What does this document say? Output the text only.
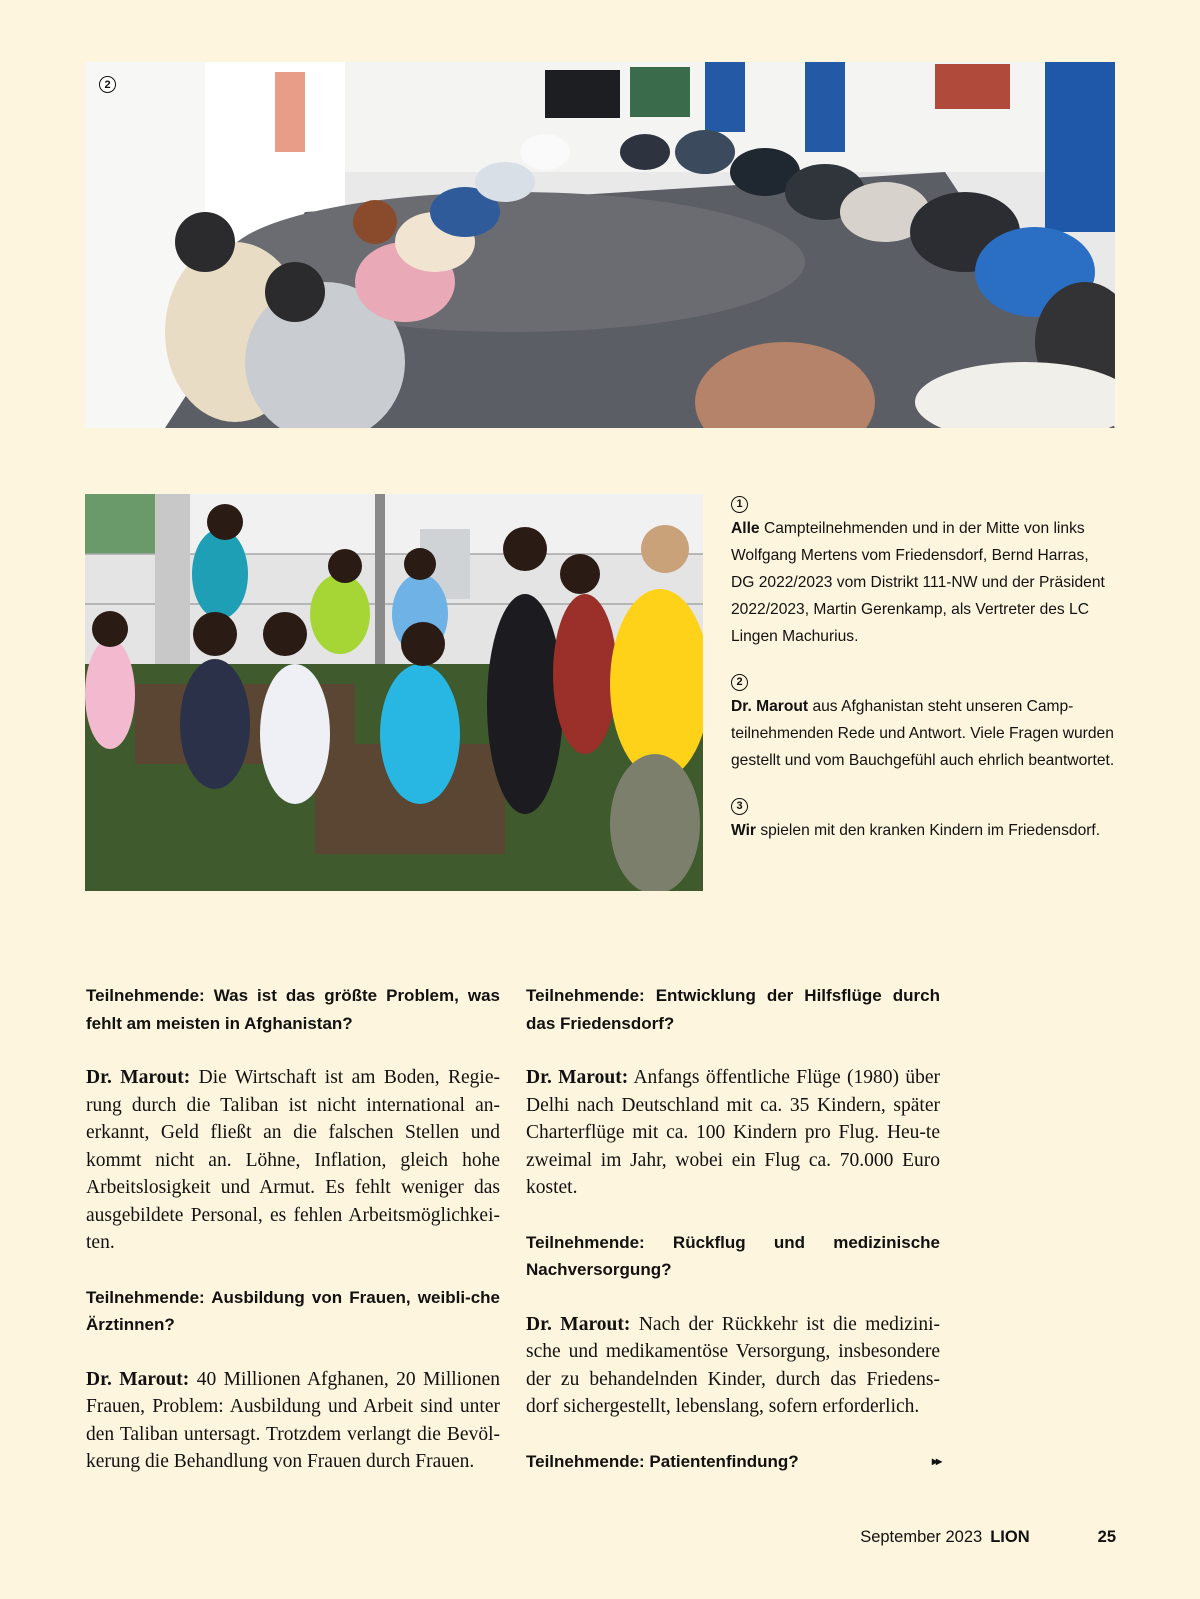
2
1

Alle Campteilnehmenden und in der Mitte von links Wolfgang Mertens vom Friedensdorf, Bernd Harras, DG 2022/2023 vom Distrikt 111-NW und der Präsident 2022/2023, Martin Gerenkamp, als Vertreter des LC Lingen Machurius.

2

Dr. Marout aus Afghanistan steht unseren Camp-teilnehmenden Rede und Antwort. Viele Fragen wurden gestellt und vom Bauchgefühl auch ehrlich beantwortet.

3

Wir spielen mit den kranken Kindern im Friedensdorf.

Teilnehmende: Was ist das größte Problem, was fehlt am meisten in Afghanistan?

Dr. Marout: Die Wirtschaft ist am Boden, Regie-rung durch die Taliban ist nicht international an-erkannt, Geld fließt an die falschen Stellen und kommt nicht an. Löhne, Inflation, gleich hohe Arbeitslosigkeit und Armut. Es fehlt weniger das ausgebildete Personal, es fehlen Arbeitsmöglichkei-ten.

Teilnehmende: Ausbildung von Frauen, weibli-che Ärztinnen?

Dr. Marout: 40 Millionen Afghanen, 20 Millionen Frauen, Problem: Ausbildung und Arbeit sind unter den Taliban untersagt. Trotzdem verlangt die Bevöl-kerung die Behandlung von Frauen durch Frauen.

Teilnehmende: Entwicklung der Hilfsflüge durch das Friedensdorf?

Dr. Marout: Anfangs öffentliche Flüge (1980) über Delhi nach Deutschland mit ca. 35 Kindern, später Charterflüge mit ca. 100 Kindern pro Flug. Heu-te zweimal im Jahr, wobei ein Flug ca. 70.000 Euro kostet.

Teilnehmende: Rückflug und medizinische Nachversorgung?

Dr. Marout: Nach der Rückkehr ist die medizini-sche und medikamentöse Versorgung, insbesondere der zu behandelnden Kinder, durch das Friedens-dorf sichergestellt, lebenslang, sofern erforderlich.

Teilnehmende: Patientenfindung?	▸▸

September 2023 LION	25
